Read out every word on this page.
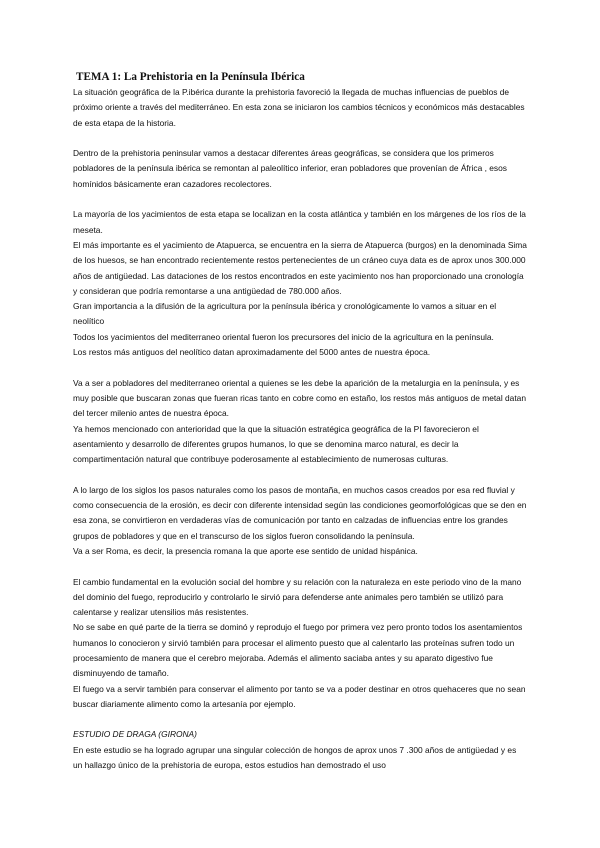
TEMA 1: La Prehistoria en la Península Ibérica

La situación geográfica de la P.ibérica durante la prehistoria favoreció la llegada de muchas influencias de pueblos de próximo oriente a través del mediterráneo. En esta zona se iniciaron los cambios técnicos y económicos más destacables de esta etapa de la historia.

Dentro de la prehistoria peninsular vamos a destacar diferentes áreas geográficas, se considera que los primeros pobladores de la península ibérica se remontan al paleolítico inferior, eran pobladores que provenían de África , esos homínidos básicamente eran cazadores recolectores.

La mayoría de los yacimientos de esta etapa se localizan en la costa atlántica y también en los márgenes de los ríos de la meseta.

El más importante es el yacimiento de Atapuerca, se encuentra en la sierra de Atapuerca (burgos) en la denominada Sima de los huesos, se han encontrado recientemente restos pertenecientes de un cráneo cuya data es de aprox unos 300.000 años de antigüedad. Las dataciones de los restos encontrados en este yacimiento nos han proporcionado una cronología y consideran que podría remontarse a una antigüedad de 780.000 años.

Gran importancia a la difusión de la agricultura por la península ibérica y cronológicamente lo vamos a situar en el neolítico

Todos los yacimientos del mediterraneo oriental fueron los precursores del inicio de la agricultura en la península.

Los restos más antiguos del neolítico datan aproximadamente del 5000 antes de nuestra época.

Va a ser a pobladores del mediterraneo oriental a quienes se les debe la aparición de la metalurgia en la península, y es muy posible que buscaran zonas que fueran ricas tanto en cobre como en estaño, los restos más antiguos de metal datan del tercer milenio antes de nuestra época.

Ya hemos mencionado con anterioridad que la que la situación estratégica geográfica de la PI favorecieron el asentamiento y desarrollo de diferentes grupos humanos, lo que se denomina marco natural, es decir la compartimentación natural que contribuye poderosamente al establecimiento de numerosas culturas.

A lo largo de los siglos los pasos naturales como los pasos de montaña, en muchos casos creados por esa red fluvial y como consecuencia de la erosión, es decir con diferente intensidad según las condiciones geomorfológicas que se den en esa zona, se convirtieron en verdaderas vías de comunicación por tanto en calzadas de influencias entre los grandes grupos de pobladores y que en el transcurso de los siglos fueron consolidando la península.

Va a ser Roma, es decir, la presencia romana la que aporte ese sentido de unidad hispánica.

El cambio fundamental en la evolución social del hombre y su relación con la naturaleza en este periodo vino de la mano del dominio del fuego, reproducirlo y controlarlo le sirvió para defenderse ante animales pero también se utilizó para calentarse y realizar utensilios más resistentes.

No se sabe en qué parte de la tierra se dominó y reprodujo el fuego por primera vez pero pronto todos los asentamientos humanos lo conocieron y sirvió también para procesar el alimento puesto que al calentarlo las proteínas sufren todo un procesamiento de manera que el cerebro mejoraba. Además el alimento saciaba antes y su aparato digestivo fue disminuyendo de tamaño.

El fuego va a servir también para conservar el alimento por tanto se va a poder destinar en otros quehaceres que no sean buscar diariamente alimento como la artesanía por ejemplo.

ESTUDIO DE DRAGA (GIRONA)

En este estudio se ha logrado agrupar una singular colección de hongos de aprox unos 7 .300 años de antigüedad y es un hallazgo único de la prehistoria de europa, estos estudios han demostrado el uso
